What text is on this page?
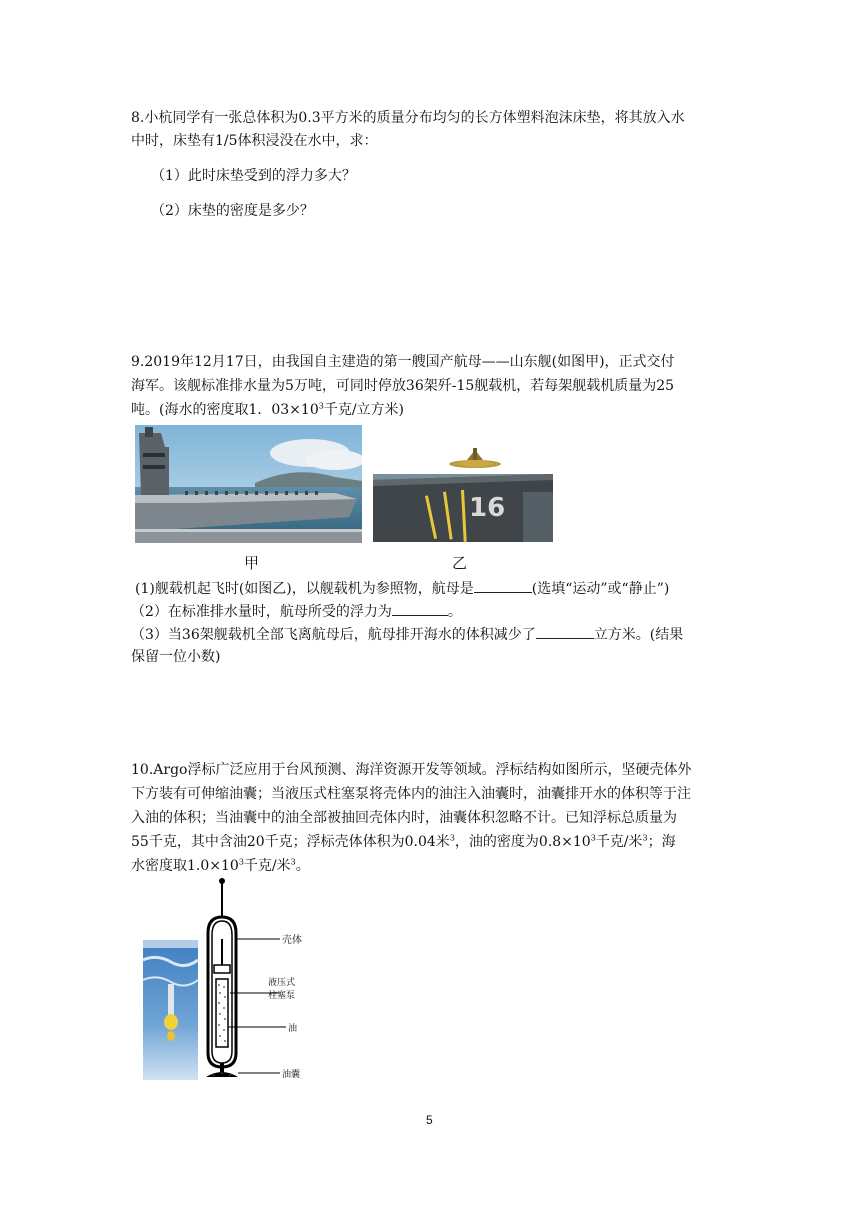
8.小杭同学有一张总体积为0.3平方米的质量分布均匀的长方体塑料泡沫床垫，将其放入水
中时，床垫有1/5体积浸没在水中，求：
（1）此时床垫受到的浮力多大？
（2）床垫的密度是多少？
9.2019年12月17日，由我国自主建造的第一艘国产航母——山东舰(如图甲)，正式交付
海军。该舰标准排水量为5万吨，可同时停放36架歼-15舰载机，若每架舰载机质量为25
吨。(海水的密度取1．$03\times 10^3$千克/立方米)
甲
16
乙
(1)舰载机起飞时(如图乙)，以舰载机为参照物，航母是	(选填“运动”或“静止”)
（2）在标准排水量时，航母所受的浮力为	。
（3）当36架舰载机全部飞离航母后，航母排开海水的体积减少了	立方米。(结果
保留一位小数)
10.Argo浮标广泛应用于台风预测、海洋资源开发等领域。浮标结构如图所示，坚硬壳体外
下方装有可伸缩油囊；当液压式柱塞泵将壳体内的油注入油囊时，油囊排开水的体积等于注
入油的体积；当油囊中的油全部被抽回壳体内时，油囊体积忽略不计。已知浮标总质量为
55千克，其中含油20千克；浮标壳体体积为0.04米$^3$，油的密度为$0.8\times 10^3$千克/米$^3$；海
水密度取$1.0\times 10^3$千克/米$^3$。
壳体
液压式
柱塞泵
油
油囊
5
